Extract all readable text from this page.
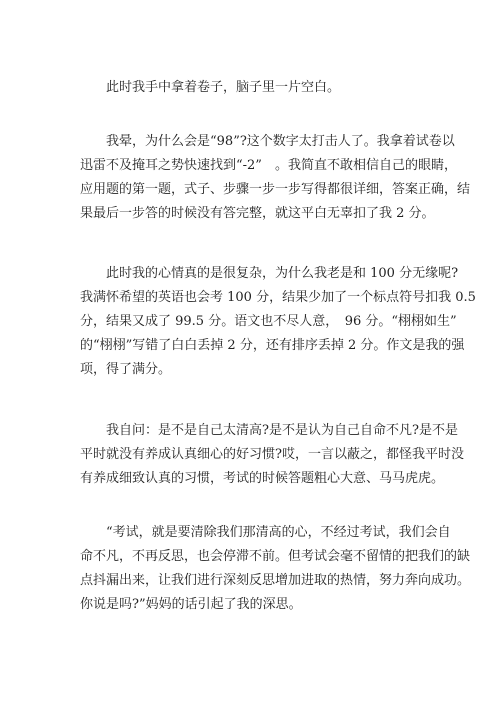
　　此时我手中拿着卷子，脑子里一片空白。
　　我晕，为什么会是“98”?这个数字太打击人了。我拿着试卷以
迅雷不及掩耳之势快速找到“-2”　。我简直不敢相信自己的眼睛，
应用题的第一题，式子、步骤一步一步写得都很详细，答案正确，结
果最后一步答的时候没有答完整，就这平白无辜扣了我 2 分。
　　此时我的心情真的是很复杂，为什么我老是和 100 分无缘呢?
我满怀希望的英语也会考 100 分，结果少加了一个标点符号扣我 0.5
分，结果又成了 99.5 分。语文也不尽人意，　96 分。“栩栩如生”
的“栩栩”写错了白白丢掉 2 分，还有排序丢掉 2 分。作文是我的强
项，得了满分。
　　我自问：是不是自己太清高?是不是认为自己自命不凡?是不是
平时就没有养成认真细心的好习惯?哎，一言以蔽之，都怪我平时没
有养成细致认真的习惯，考试的时候答题粗心大意、马马虎虎。
　　“考试，就是要清除我们那清高的心，不经过考试，我们会自
命不凡，不再反思，也会停滞不前。但考试会毫不留情的把我们的缺
点抖漏出来，让我们进行深刻反思增加进取的热情，努力奔向成功。
你说是吗?”妈妈的话引起了我的深思。
